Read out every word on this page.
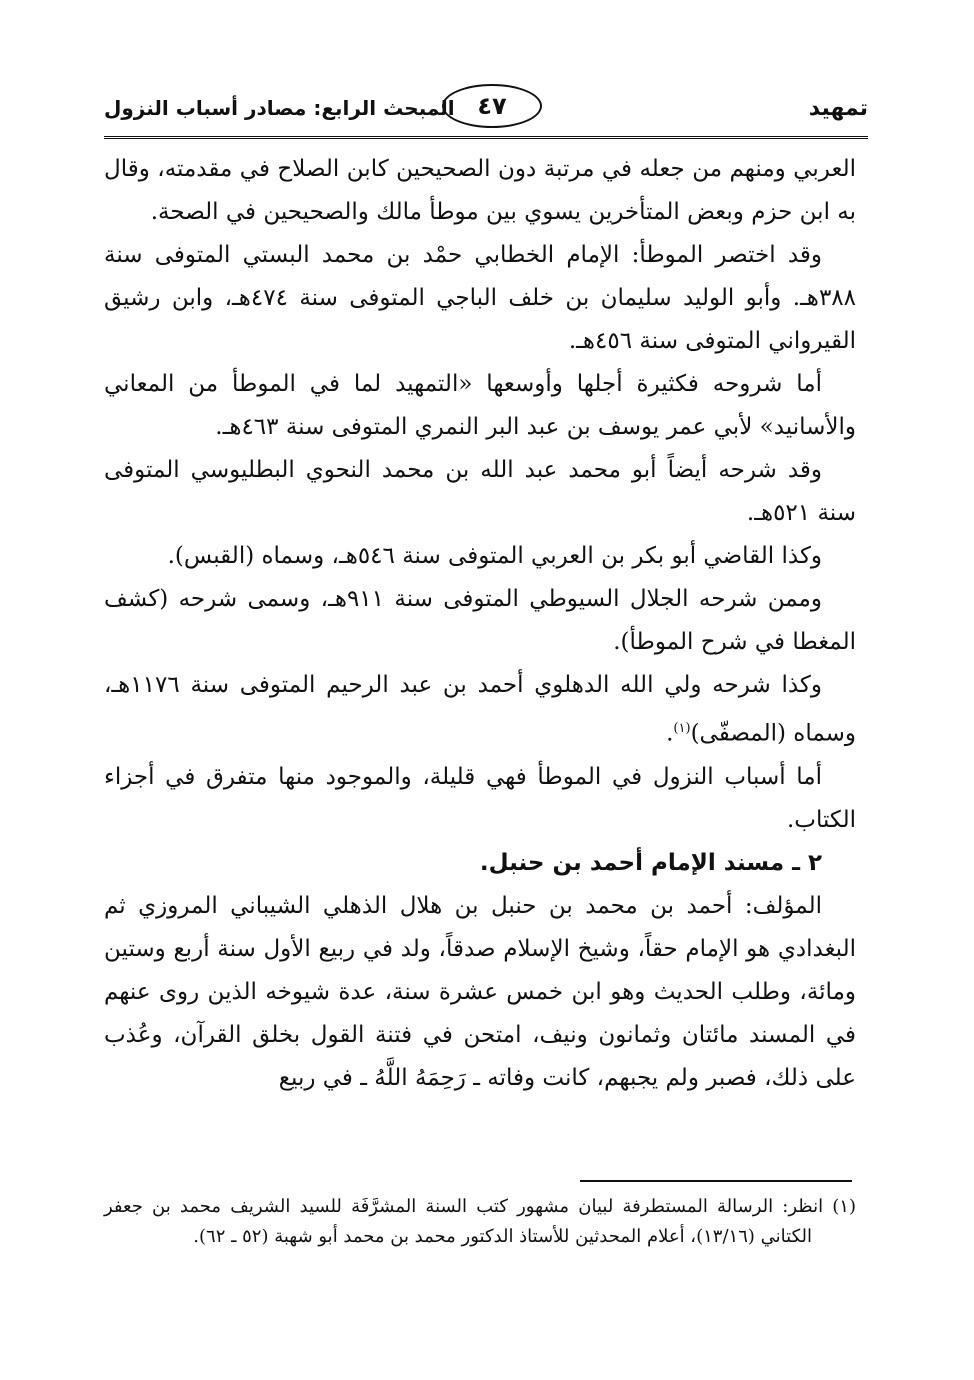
تمهيد
٤٧
المبحث الرابع: مصادر أسباب النزول

العربي ومنهم من جعله في مرتبة دون الصحيحين كابن الصلاح في مقدمته، وقال به ابن حزم وبعض المتأخرين يسوي بين موطأ مالك والصحيحين في الصحة.

وقد اختصر الموطأ: الإمام الخطابي حمْد بن محمد البستي المتوفى سنة ٣٨٨هـ. وأبو الوليد سليمان بن خلف الباجي المتوفى سنة ٤٧٤هـ، وابن رشيق القيرواني المتوفى سنة ٤٥٦هـ.

أما شروحه فكثيرة أجلها وأوسعها «التمهيد لما في الموطأ من المعاني والأسانيد» لأبي عمر يوسف بن عبد البر النمري المتوفى سنة ٤٦٣هـ.

وقد شرحه أيضاً أبو محمد عبد الله بن محمد النحوي البطليوسي المتوفى سنة ٥٢١هـ.

وكذا القاضي أبو بكر بن العربي المتوفى سنة ٥٤٦هـ، وسماه (القبس).

وممن شرحه الجلال السيوطي المتوفى سنة ٩١١هـ، وسمى شرحه (كشف المغطا في شرح الموطأ).

وكذا شرحه ولي الله الدهلوي أحمد بن عبد الرحيم المتوفى سنة ١١٧٦هـ، وسماه (المصفّى)$^{(١)}$.

أما أسباب النزول في الموطأ فهي قليلة، والموجود منها متفرق في أجزاء الكتاب.

٢ ـ مسند الإمام أحمد بن حنبل.

المؤلف: أحمد بن محمد بن حنبل بن هلال الذهلي الشيباني المروزي ثم البغدادي هو الإمام حقاً، وشيخ الإسلام صدقاً، ولد في ربيع الأول سنة أربع وستين ومائة، وطلب الحديث وهو ابن خمس عشرة سنة، عدة شيوخه الذين روى عنهم في المسند مائتان وثمانون ونيف، امتحن في فتنة القول بخلق القرآن، وعُذب على ذلك، فصبر ولم يجبهم، كانت وفاته ـ رَحِمَهُ اللَّهُ ـ في ربيع

(١) انظر: الرسالة المستطرفة لبيان مشهور كتب السنة المشرَّفَة للسيد الشريف محمد بن جعفر الكتاني (١٣/١٦)، أعلام المحدثين للأستاذ الدكتور محمد بن محمد أبو شهبة (٥٢ ـ ٦٢).
